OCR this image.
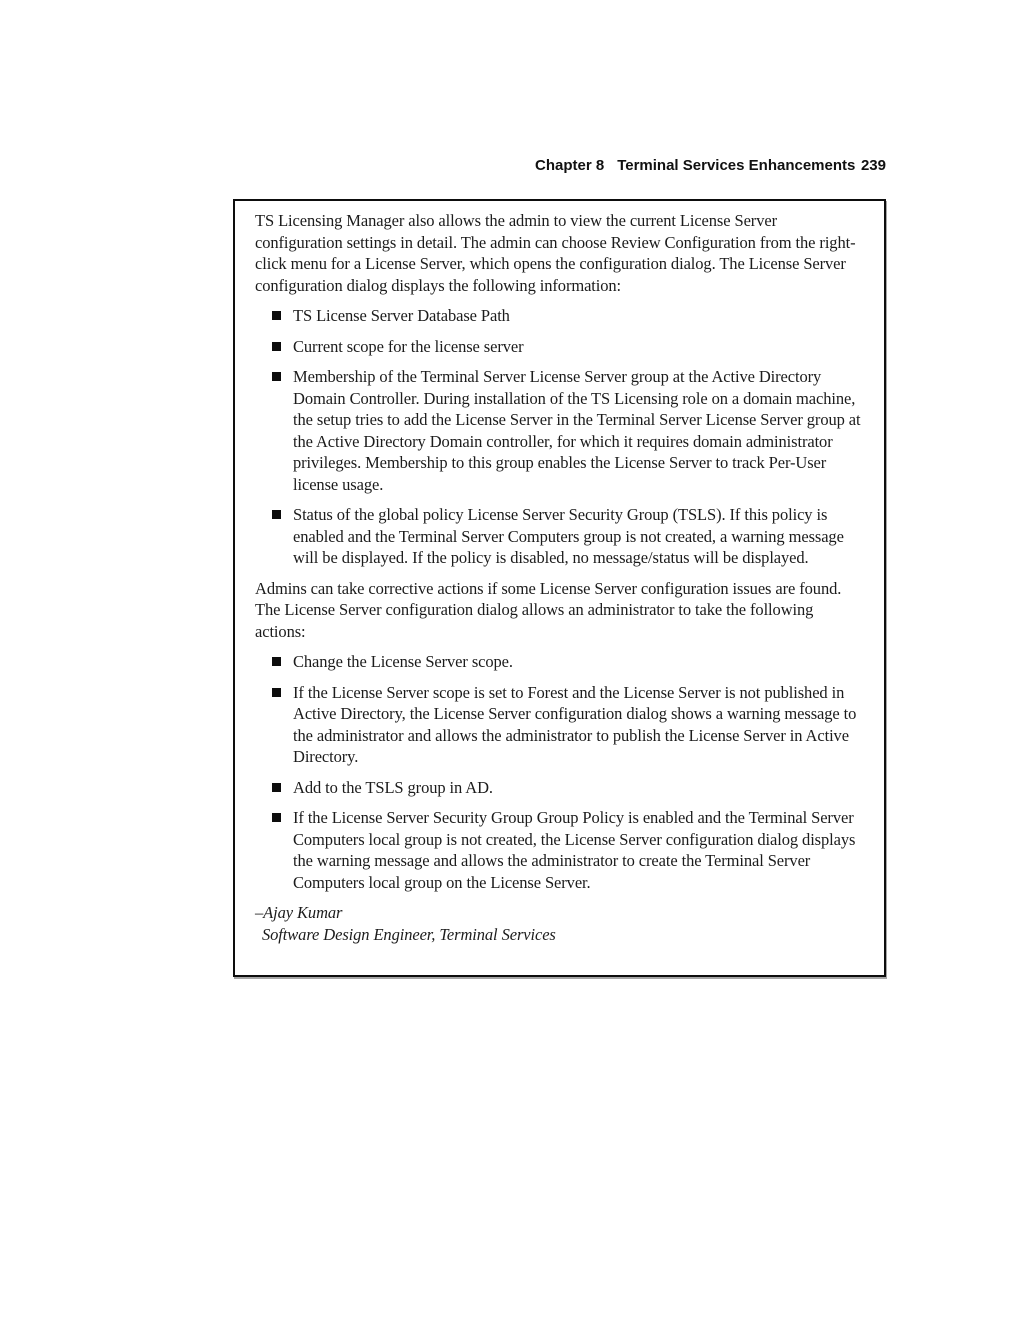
Chapter 8 Terminal Services Enhancements 239

TS Licensing Manager also allows the admin to view the current License Server configuration settings in detail. The admin can choose Review Configuration from the right-click menu for a License Server, which opens the configuration dialog. The License Server configuration dialog displays the following information:

TS License Server Database Path
Current scope for the license server
Membership of the Terminal Server License Server group at the Active Directory Domain Controller. During installation of the TS Licensing role on a domain machine, the setup tries to add the License Server in the Terminal Server License Server group at the Active Directory Domain controller, for which it requires domain administrator privileges. Membership to this group enables the License Server to track Per-User license usage.
Status of the global policy License Server Security Group (TSLS). If this policy is enabled and the Terminal Server Computers group is not created, a warning message will be displayed. If the policy is disabled, no message/status will be displayed.

Admins can take corrective actions if some License Server configuration issues are found. The License Server configuration dialog allows an administrator to take the following actions:

Change the License Server scope.
If the License Server scope is set to Forest and the License Server is not published in Active Directory, the License Server configuration dialog shows a warning message to the administrator and allows the administrator to publish the License Server in Active Directory.
Add to the TSLS group in AD.
If the License Server Security Group Group Policy is enabled and the Terminal Server Computers local group is not created, the License Server configuration dialog displays the warning message and allows the administrator to create the Terminal Server Computers local group on the License Server.
–Ajay Kumar
Software Design Engineer, Terminal Services
